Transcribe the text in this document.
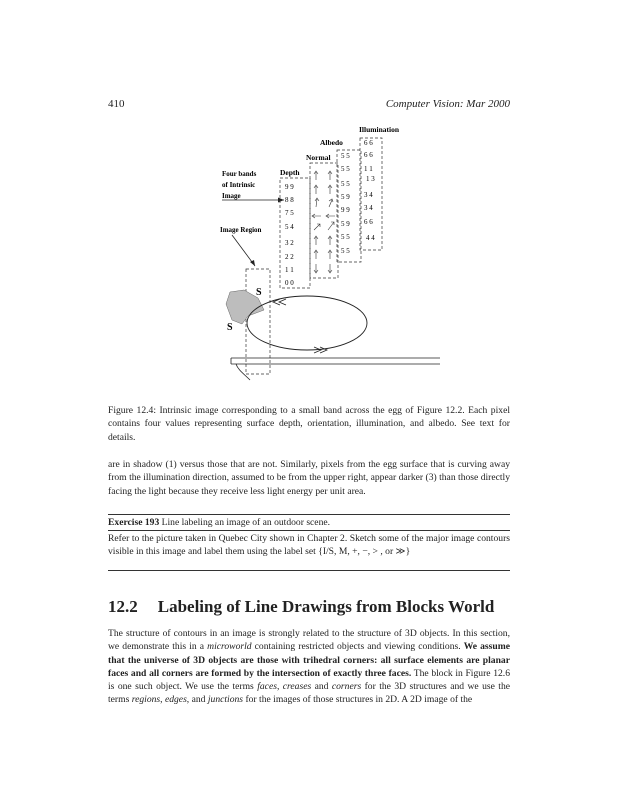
410	Computer Vision: Mar 2000
Illumination
Albedo
Normal
Depth
Four bands
of Intrinsic
Image
Image Region
6 6
6 6
1 1
1 3
3 4
3 4
6 6
4 4
5 5
5 5
5 5
5 9
9 9
5 9
5 5
5 5
9 9
8 8
7 5
5 4
3 2
2 2
1 1
0 0
S
S
Figure 12.4: Intrinsic image corresponding to a small band across the egg of Figure 12.2. Each pixel contains four values representing surface depth, orientation, illumination, and albedo. See text for details.
are in shadow (1) versus those that are not. Similarly, pixels from the egg surface that is curving away from the illumination direction, assumed to be from the upper right, appear darker (3) than those directly facing the light because they receive less light energy per unit area.
Exercise 193 Line labeling an image of an outdoor scene.
Refer to the picture taken in Quebec City shown in Chapter 2. Sketch some of the major image contours visible in this image and label them using the label set {I/S, M, +, −, > , or ≫}
12.2 Labeling of Line Drawings from Blocks World
The structure of contours in an image is strongly related to the structure of 3D objects. In this section, we demonstrate this in a microworld containing restricted objects and viewing conditions. We assume that the universe of 3D objects are those with trihedral corners: all surface elements are planar faces and all corners are formed by the intersection of exactly three faces. The block in Figure 12.6 is one such object. We use the terms faces, creases and corners for the 3D structures and we use the terms regions, edges, and junctions for the images of those structures in 2D. A 2D image of the
